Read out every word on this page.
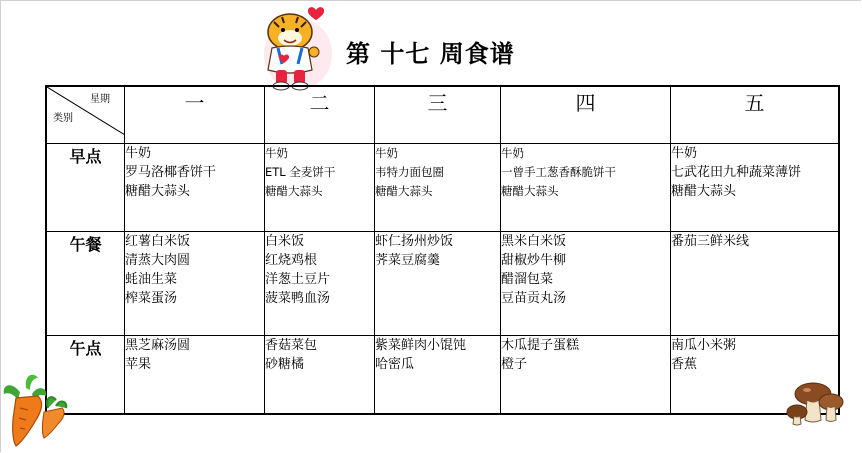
第 十七 周食谱
星期
类别	一	二	三	四	五
早点	牛奶
罗马洛椰香饼干
糖醋大蒜头	牛奶
ETL 全麦饼干
糖醋大蒜头	牛奶
韦特力面包圈
糖醋大蒜头	牛奶
一曾手工葱香酥脆饼干
糖醋大蒜头	牛奶
七武花田九种蔬菜薄饼
糖醋大蒜头

午餐	红薯白米饭
清蒸大肉圆
蚝油生菜
榨菜蛋汤	白米饭
红烧鸡根
洋葱土豆片
菠菜鸭血汤	虾仁扬州炒饭
荠菜豆腐羹	黑米白米饭
甜椒炒牛柳
醋溜包菜
豆苗贡丸汤	番茄三鲜米线

午点	黑芝麻汤圆
苹果	香菇菜包
砂糖橘	紫菜鲜肉小馄饨
哈密瓜	木瓜提子蛋糕
橙子	南瓜小米粥
香蕉
